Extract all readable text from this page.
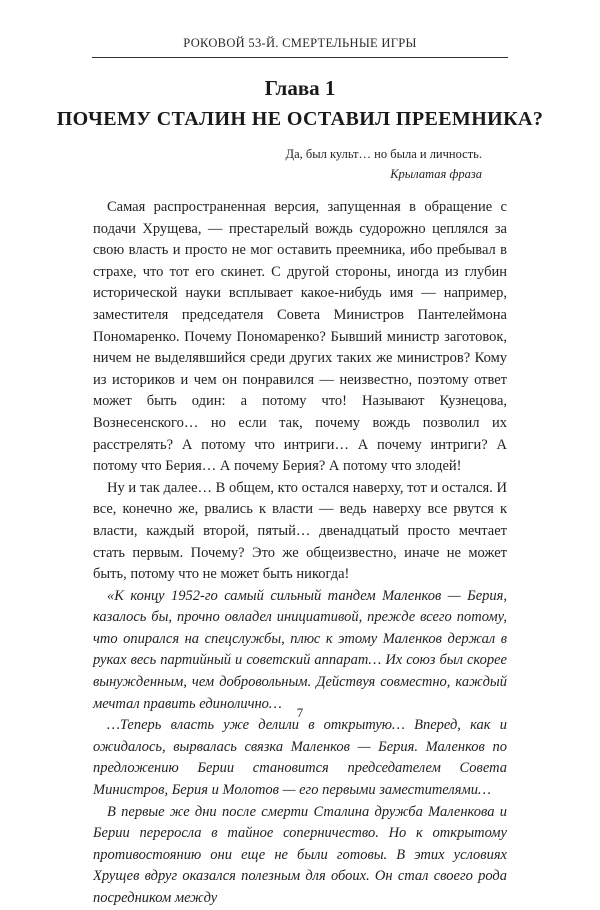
РОКОВОЙ 53-Й. СМЕРТЕЛЬНЫЕ ИГРЫ
Глава 1
ПОЧЕМУ СТАЛИН НЕ ОСТАВИЛ ПРЕЕМНИКА?
Да, был культ… но была и личность.
Крылатая фраза

Самая распространенная версия, запущенная в обращение с подачи Хрущева, — престарелый вождь судорожно цеплялся за свою власть и просто не мог оставить преемника, ибо пребывал в страхе, что тот его скинет. С другой стороны, иногда из глубин исторической науки всплывает какое-нибудь имя — например, заместителя председателя Совета Министров Пантелеймона Пономаренко. Почему Пономаренко? Бывший министр заготовок, ничем не выделявшийся среди других таких же министров? Кому из историков и чем он понравился — неизвестно, поэтому ответ может быть один: а потому что! Называют Кузнецова, Вознесенского… но если так, почему вождь позволил их расстрелять? А потому что интриги… А почему интриги? А потому что Берия… А почему Берия? А потому что злодей!

Ну и так далее… В общем, кто остался наверху, тот и остался. И все, конечно же, рвались к власти — ведь наверху все рвутся к власти, каждый второй, пятый… двенадцатый просто мечтает стать первым. Почему? Это же общеизвестно, иначе не может быть, потому что не может быть никогда!

«К концу 1952-го самый сильный тандем Маленков — Берия, казалось бы, прочно овладел инициативой, прежде всего потому, что опирался на спецслужбы, плюс к этому Маленков держал в руках весь партийный и советский аппарат… Их союз был скорее вынужденным, чем добровольным. Действуя совместно, каждый мечтал править единолично…

…Теперь власть уже делили в открытую… Вперед, как и ожидалось, вырвалась связка Маленков — Берия. Маленков по предложению Берии становится председателем Совета Министров, Берия и Молотов — его первыми заместителями…

В первые же дни после смерти Сталина дружба Маленкова и Берии переросла в тайное соперничество. Но к открытому противостоянию они еще не были готовы. В этих условиях Хрущев вдруг оказался полезным для обоих. Он стал своего рода посредником между

7
